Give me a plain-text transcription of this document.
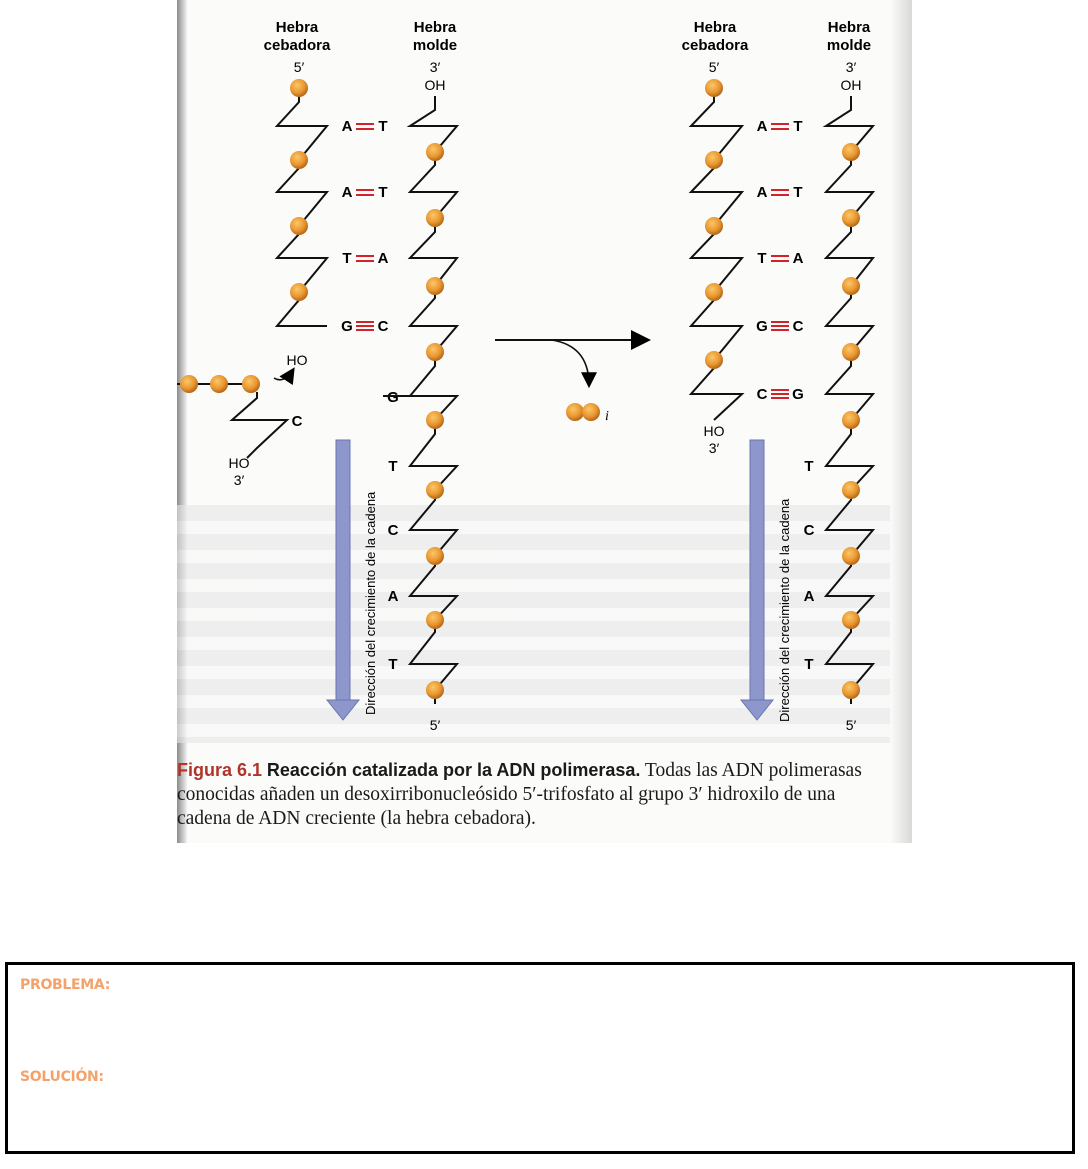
Hebra
cebadora
Hebra
molde
5′	3′
OH
A T
A T
T A
G C
HO
C
HO
3′
G
T
C
A
T
5′
Dirección del crecimiento de la cadena
i
Hebra
cebadora
Hebra
molde
5′	3′
OH
A T
A T
T A
G C
C G
HO
3′
T
C
A
T
5′
Dirección del crecimiento de la cadena
Figura 6.1 Reacción catalizada por la ADN polimerasa. Todas las ADN polimerasas conocidas añaden un desoxirribonucleósido 5′-trifosfato al grupo 3′ hidroxilo de una cadena de ADN creciente (la hebra cebadora).
PROBLEMA:
SOLUCIÓN:
